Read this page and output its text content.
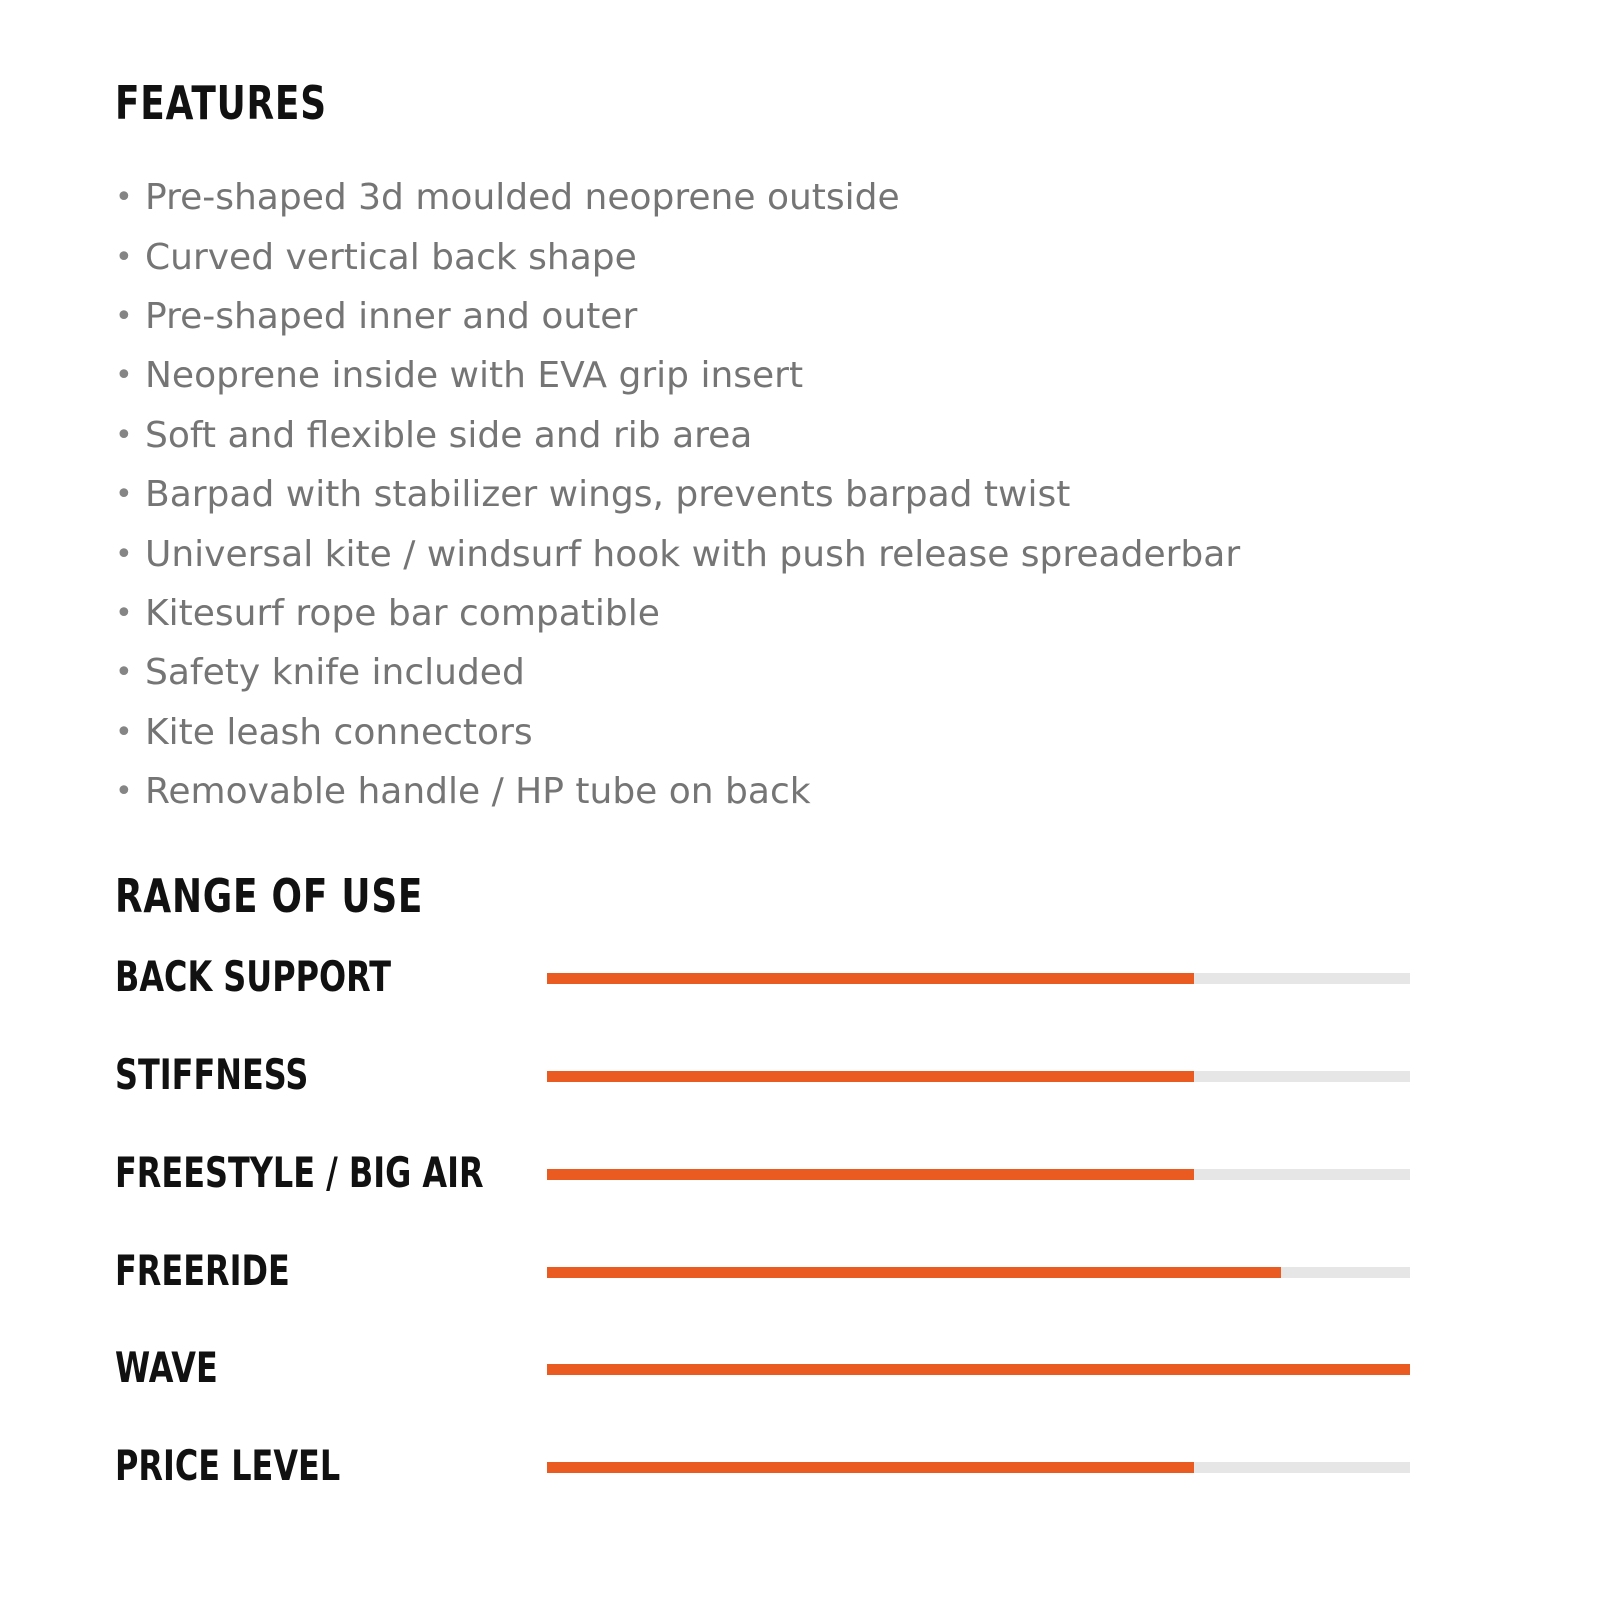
FEATURES
• Pre-shaped 3d moulded neoprene outside
• Curved vertical back shape
• Pre-shaped inner and outer
• Neoprene inside with EVA grip insert
• Soft and flexible side and rib area
• Barpad with stabilizer wings, prevents barpad twist
• Universal kite / windsurf hook with push release spreaderbar
• Kitesurf rope bar compatible
• Safety knife included
• Kite leash connectors
• Removable handle / HP tube on back
RANGE OF USE
BACK SUPPORT
STIFFNESS
FREESTYLE / BIG AIR
FREERIDE
WAVE
PRICE LEVEL
